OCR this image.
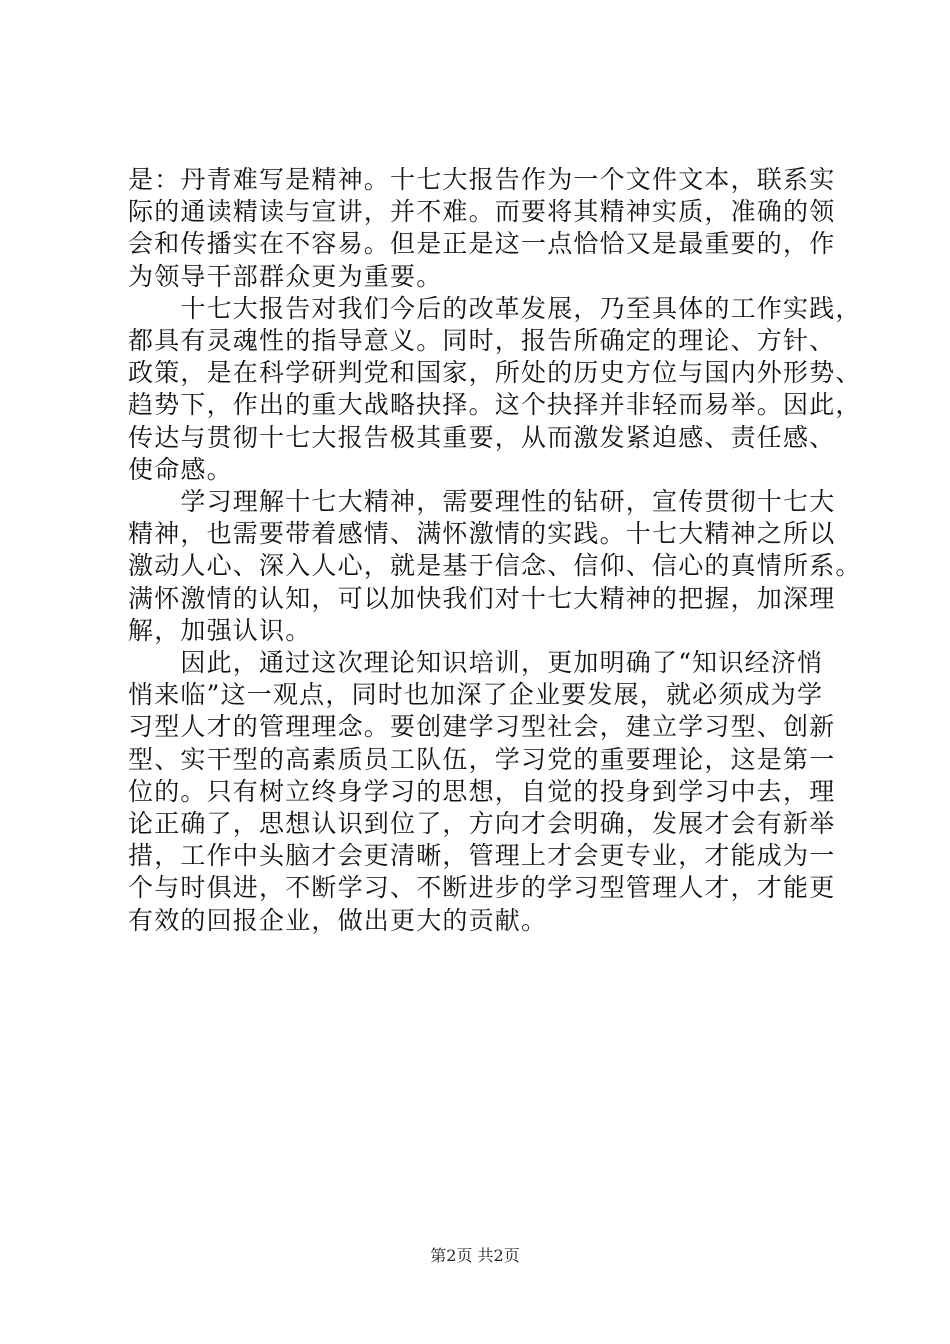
是：丹青难写是精神。十七大报告作为一个文件文本，联系实
际的通读精读与宣讲，并不难。而要将其精神实质，准确的领
会和传播实在不容易。但是正是这一点恰恰又是最重要的，作
为领导干部群众更为重要。
　　十七大报告对我们今后的改革发展，乃至具体的工作实践，
都具有灵魂性的指导意义。同时，报告所确定的理论、方针、
政策，是在科学研判党和国家，所处的历史方位与国内外形势、
趋势下，作出的重大战略抉择。这个抉择并非轻而易举。因此，
传达与贯彻十七大报告极其重要，从而激发紧迫感、责任感、
使命感。
　　学习理解十七大精神，需要理性的钻研，宣传贯彻十七大
精神，也需要带着感情、满怀激情的实践。十七大精神之所以
激动人心、深入人心，就是基于信念、信仰、信心的真情所系。
满怀激情的认知，可以加快我们对十七大精神的把握，加深理
解，加强认识。
　　因此，通过这次理论知识培训，更加明确了“知识经济悄
悄来临”这一观点，同时也加深了企业要发展，就必须成为学
习型人才的管理理念。要创建学习型社会，建立学习型、创新
型、实干型的高素质员工队伍，学习党的重要理论，这是第一
位的。只有树立终身学习的思想，自觉的投身到学习中去，理
论正确了，思想认识到位了，方向才会明确，发展才会有新举
措，工作中头脑才会更清晰，管理上才会更专业，才能成为一
个与时俱进，不断学习、不断进步的学习型管理人才，才能更
有效的回报企业，做出更大的贡献。
第2页 共2页
